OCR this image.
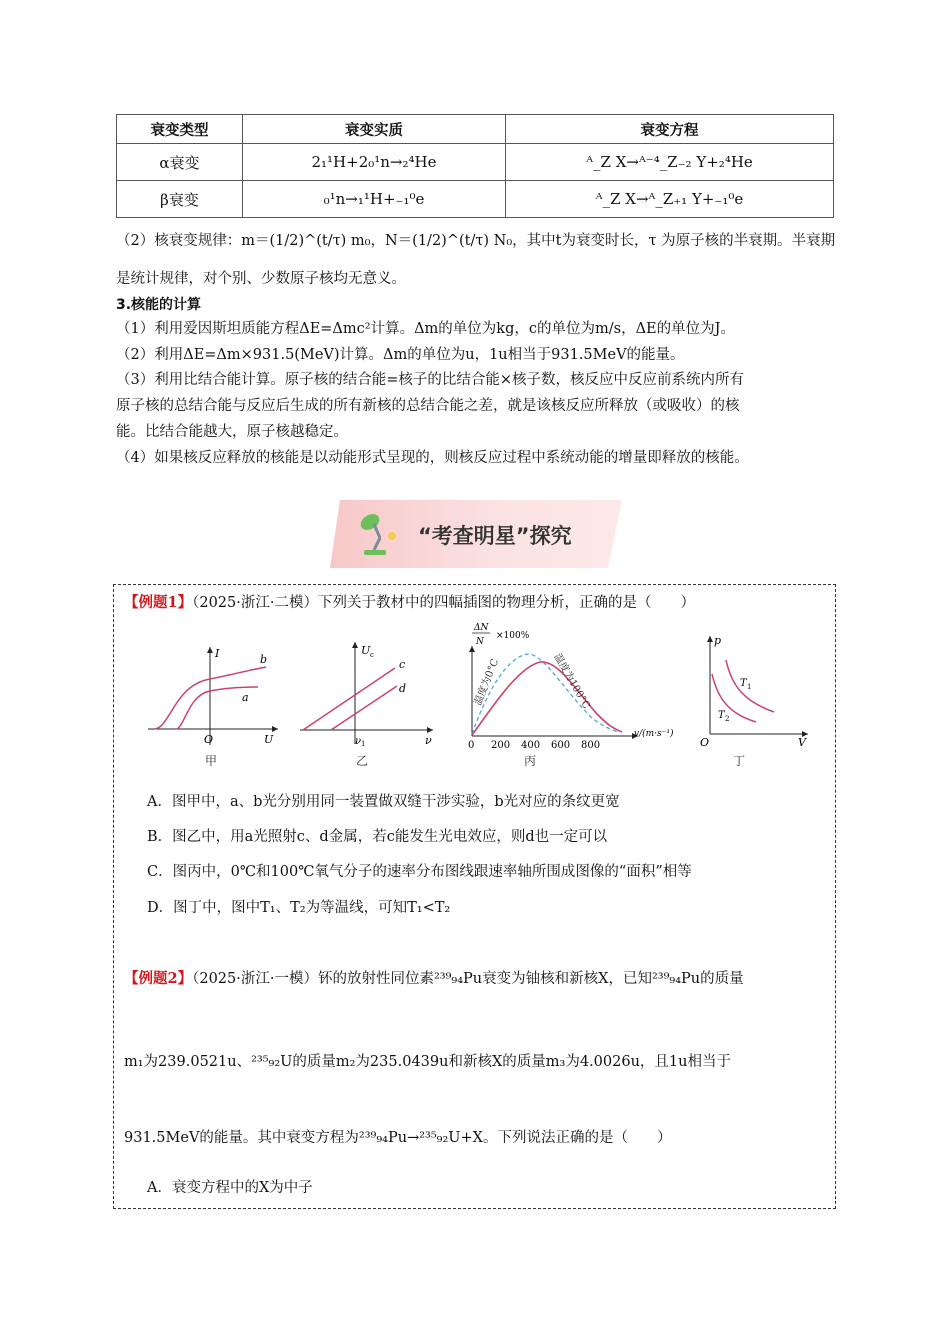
衰变类型	衰变实质	衰变方程
α衰变	2₁¹H+2₀¹n→₂⁴He	ᴬ_Z X→ᴬ⁻⁴_Z₋₂ Y+₂⁴He
β衰变	₀¹n→₁¹H+₋₁⁰e	ᴬ_Z X→ᴬ_Z₊₁ Y+₋₁⁰e
（2）核衰变规律：m＝(1/2)^(t/τ) m₀，N＝(1/2)^(t/τ) N₀，其中t为衰变时长，τ 为原子核的半衰期。半衰期
是统计规律，对个别、少数原子核均无意义。
3.核能的计算
（1）利用爱因斯坦质能方程ΔE=Δmc²计算。Δm的单位为kg，c的单位为m/s，ΔE的单位为J。
（2）利用ΔE=Δm×931.5(MeV)计算。Δm的单位为u，1u相当于931.5MeV的能量。
（3）利用比结合能计算。原子核的结合能=核子的比结合能×核子数，核反应中反应前系统内所有
原子核的总结合能与反应后生成的所有新核的总结合能之差，就是该核反应所释放（或吸收）的核
能。比结合能越大，原子核越稳定。
（4）如果核反应释放的核能是以动能形式呈现的，则核反应过程中系统动能的增量即释放的核能。
“考查明星”探究
【例题1】（2025·浙江·二模）下列关于教材中的四幅插图的物理分析，正确的是（　　）
I
O	U
b
a
甲
U c
c
d
ν 1	ν
乙
ΔN
N
×100%
0 200 400 600 800
v/(m·s⁻¹)
温度为0°C	温度为100°C
丙
p
O	V
T 1
T 2
丁
A．图甲中，a、b光分别用同一装置做双缝干涉实验，b光对应的条纹更宽
B．图乙中，用a光照射c、d金属，若c能发生光电效应，则d也一定可以
C．图丙中，0℃和100℃氧气分子的速率分布图线跟速率轴所围成图像的“面积”相等
D．图丁中，图中T₁、T₂为等温线，可知T₁<T₂
【例题2】（2025·浙江·一模）钚的放射性同位素²³⁹₉₄Pu衰变为铀核和新核X，已知²³⁹₉₄Pu的质量
m₁为239.0521u、²³⁵₉₂U的质量m₂为235.0439u和新核X的质量m₃为4.0026u，且1u相当于
931.5MeV的能量。其中衰变方程为²³⁹₉₄Pu→²³⁵₉₂U+X。下列说法正确的是（　　）
A．衰变方程中的X为中子
